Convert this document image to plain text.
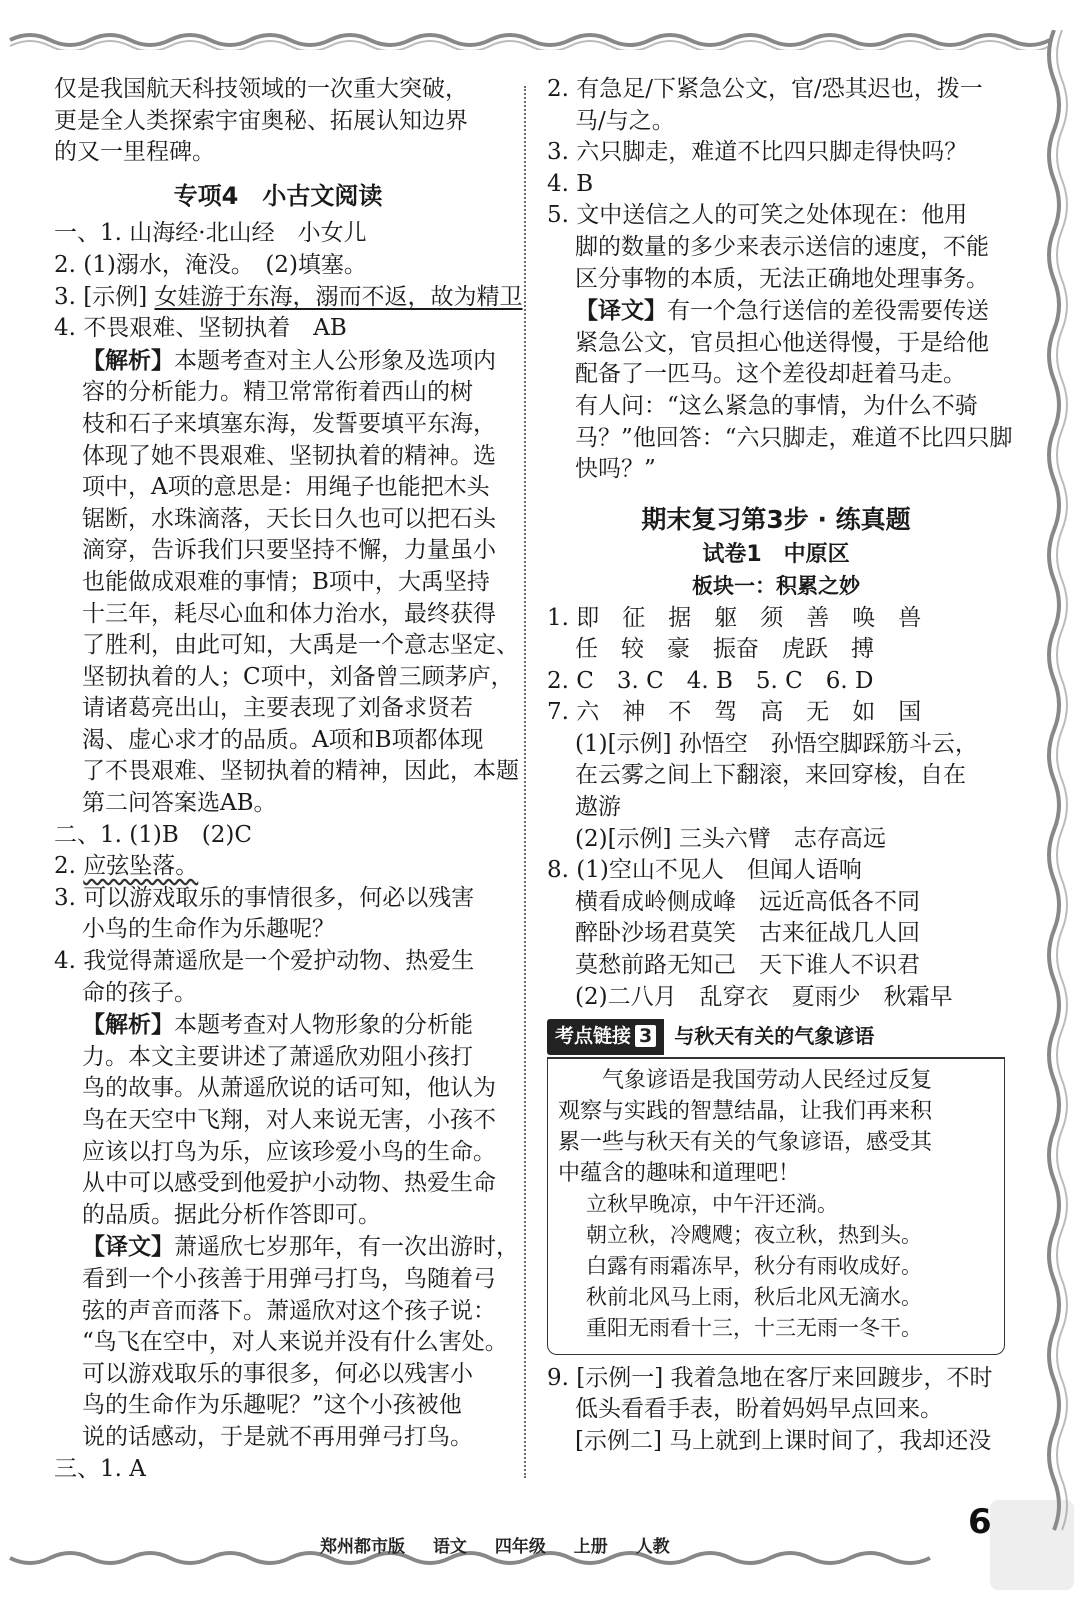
仅是我国航天科技领域的一次重大突破，
更是全人类探索宇宙奥秘、拓展认知边界
的又一里程碑。
专项4　小古文阅读
一、1. 山海经·北山经　小女儿
2. (1)溺水，淹没。　(2)填塞。
3. [示例] 女娃游于东海，溺而不返，故为精卫
4. 不畏艰难、坚韧执着　AB
【解析】本题考查对主人公形象及选项内
容的分析能力。精卫常常衔着西山的树
枝和石子来填塞东海，发誓要填平东海，
体现了她不畏艰难、坚韧执着的精神。选
项中，A项的意思是：用绳子也能把木头
锯断，水珠滴落，天长日久也可以把石头
滴穿，告诉我们只要坚持不懈，力量虽小
也能做成艰难的事情；B项中，大禹坚持
十三年，耗尽心血和体力治水，最终获得
了胜利，由此可知，大禹是一个意志坚定、
坚韧执着的人；C项中，刘备曾三顾茅庐，
请诸葛亮出山，主要表现了刘备求贤若
渴、虚心求才的品质。A项和B项都体现
了不畏艰难、坚韧执着的精神，因此，本题
第二问答案选AB。
二、1. (1)B　(2)C
2. 应弦坠落。
3. 可以游戏取乐的事情很多，何必以残害
小鸟的生命作为乐趣呢？
4. 我觉得萧遥欣是一个爱护动物、热爱生
命的孩子。
【解析】本题考查对人物形象的分析能
力。本文主要讲述了萧遥欣劝阻小孩打
鸟的故事。从萧遥欣说的话可知，他认为
鸟在天空中飞翔，对人来说无害，小孩不
应该以打鸟为乐，应该珍爱小鸟的生命。
从中可以感受到他爱护小动物、热爱生命
的品质。据此分析作答即可。
【译文】萧遥欣七岁那年，有一次出游时，
看到一个小孩善于用弹弓打鸟，鸟随着弓
弦的声音而落下。萧遥欣对这个孩子说：
“鸟飞在空中，对人来说并没有什么害处。
可以游戏取乐的事很多，何必以残害小
鸟的生命作为乐趣呢？”这个小孩被他
说的话感动，于是就不再用弹弓打鸟。
三、1. A
2. 有急足/下紧急公文，官/恐其迟也，拨一
马/与之。
3. 六只脚走，难道不比四只脚走得快吗？
4. B
5. 文中送信之人的可笑之处体现在：他用
脚的数量的多少来表示送信的速度，不能
区分事物的本质，无法正确地处理事务。
【译文】有一个急行送信的差役需要传送
紧急公文，官员担心他送得慢，于是给他
配备了一匹马。这个差役却赶着马走。
有人问：“这么紧急的事情，为什么不骑
马？”他回答：“六只脚走，难道不比四只脚
快吗？”
期末复习第3步 · 练真题
试卷1　中原区
板块一：积累之妙
1. 即　征　据　躯　须　善　唤　兽
任　较　豪　振奋　虎跃　搏
2. C　3. C　4. B　5. C　6. D
7. 六　神　不　驾　高　无　如　国
(1)[示例] 孙悟空　孙悟空脚踩筋斗云，
在云雾之间上下翻滚，来回穿梭，自在
遨游
(2)[示例] 三头六臂　志存高远
8. (1)空山不见人　但闻人语响
横看成岭侧成峰　远近高低各不同
醉卧沙场君莫笑　古来征战几人回
莫愁前路无知己　天下谁人不识君
(2)二八月　乱穿衣　夏雨少　秋霜早
考点链接 3	与秋天有关的气象谚语
　　气象谚语是我国劳动人民经过反复
观察与实践的智慧结晶，让我们再来积
累一些与秋天有关的气象谚语，感受其
中蕴含的趣味和道理吧！
立秋早晚凉，中午汗还淌。
朝立秋，冷飕飕；夜立秋，热到头。
白露有雨霜冻早，秋分有雨收成好。
秋前北风马上雨，秋后北风无滴水。
重阳无雨看十三，十三无雨一冬干。
9. [示例一] 我着急地在客厅来回踱步，不时
低头看看手表，盼着妈妈早点回来。
[示例二] 马上就到上课时间了，我却还没
郑州都市版 语文 四年级 上册 人教
6
